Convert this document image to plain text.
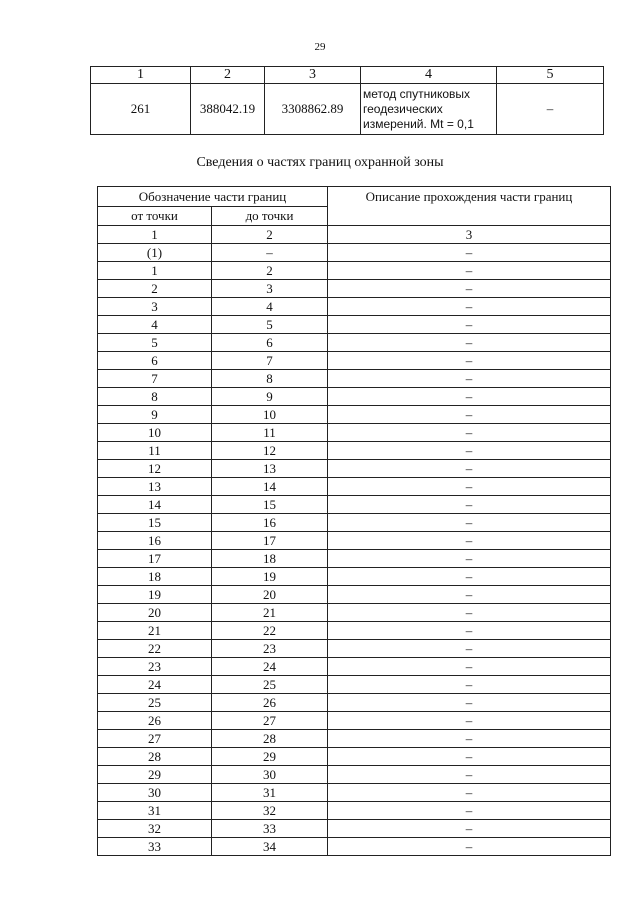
29
1	2	3	4	5
261	388042.19	3308862.89	метод спутниковых
геодезических
измерений. Mt = 0,1	–
Сведения о частях границ охранной зоны
Обозначение части границ		Описание прохождения части границ
от точки	до точки	
1	2	3
(1)	–	–
1	2	–
2	3	–
3	4	–
4	5	–
5	6	–
6	7	–
7	8	–
8	9	–
9	10	–
10	11	–
11	12	–
12	13	–
13	14	–
14	15	–
15	16	–
16	17	–
17	18	–
18	19	–
19	20	–
20	21	–
21	22	–
22	23	–
23	24	–
24	25	–
25	26	–
26	27	–
27	28	–
28	29	–
29	30	–
30	31	–
31	32	–
32	33	–
33	34	–
